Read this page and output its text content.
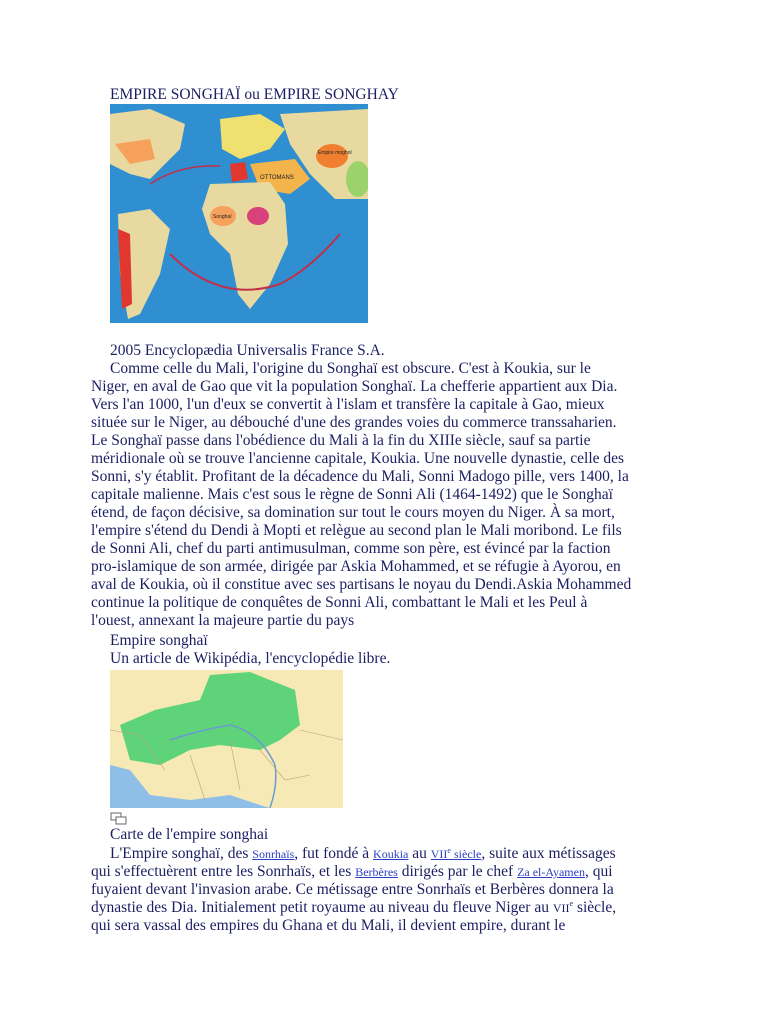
EMPIRE SONGHAÏ ou EMPIRE SONGHAY
OTTOMANS
Empire moghol
Songhaï
2005 Encyclopædia Universalis France S.A.
Comme celle du Mali, l'origine du Songhaï est obscure. C'est à Koukia, sur le
Niger, en aval de Gao que vit la population Songhaï. La chefferie appartient aux Dia.
Vers l'an 1000, l'un d'eux se convertit à l'islam et transfère la capitale à Gao, mieux
située sur le Niger, au débouché d'une des grandes voies du commerce transsaharien.
Le Songhaï passe dans l'obédience du Mali à la fin du XIIIe siècle, sauf sa partie
méridionale où se trouve l'ancienne capitale, Koukia. Une nouvelle dynastie, celle des
Sonni, s'y établit. Profitant de la décadence du Mali, Sonni Madogo pille, vers 1400, la
capitale malienne. Mais c'est sous le règne de Sonni Ali (1464-1492) que le Songhaï
étend, de façon décisive, sa domination sur tout le cours moyen du Niger. À sa mort,
l'empire s'étend du Dendi à Mopti et relègue au second plan le Mali moribond. Le fils
de Sonni Ali, chef du parti antimusulman, comme son père, est évincé par la faction
pro-islamique de son armée, dirigée par Askia Mohammed, et se réfugie à Ayorou, en
aval de Koukia, où il constitue avec ses partisans le noyau du Dendi.Askia Mohammed
continue la politique de conquêtes de Sonni Ali, combattant le Mali et les Peul à
l'ouest, annexant la majeure partie du pays
Empire songhaï
Un article de Wikipédia, l'encyclopédie libre.
Carte de l'empire songhai
L'Empire songhaï, des Sonrhaïs, fut fondé à Koukia au VIIe siècle, suite aux métissages
qui s'effectuèrent entre les Sonrhaïs, et les Berbères dirigés par le chef Za el-Ayamen, qui
fuyaient devant l'invasion arabe. Ce métissage entre Sonrhaïs et Berbères donnera la
dynastie des Dia. Initialement petit royaume au niveau du fleuve Niger au VIIe siècle,
qui sera vassal des empires du Ghana et du Mali, il devient empire, durant le
